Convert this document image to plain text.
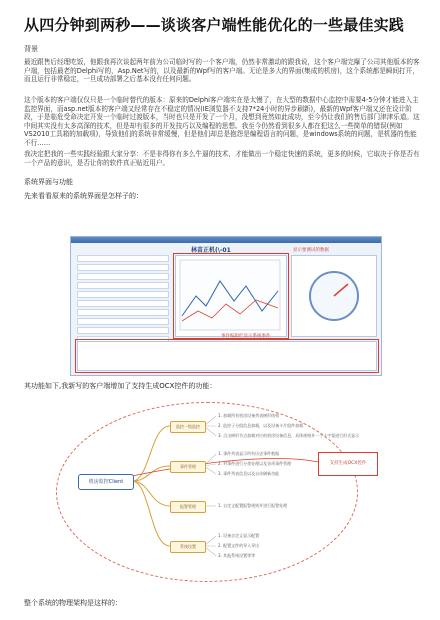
从四分钟到两秒——谈谈客户端性能优化的一些最佳实践
背景
最近跟售后经理吃饭，他跟我再次谈起两年前为公司临时写的一个客户端，仍然非常激动的跟我说，这个客户端完爆了公司其他版本的客户端，包括最老的Delphi写的，Asp.Net写的，以及最新的Wpf写的客户端。无论是多大的界面(集成的机房)，这个系统都是瞬间打开，而且运行非常稳定，一旦成功部署之后基本没有任何问题。
这个版本的客户端仅仅只是一个临时替代的版本：原来的Delphi客户端实在是太慢了，在大型的数据中心监控中需要4-5分钟才能进入主监控界面，而asp.net版本的客户端又经常存在不稳定的情况(IE浏览器不支持7*24小时的异步刷新)，最新的Wpf客户端又还在设计阶段，于是临危受命决定开发一个临时过渡版本，当时也只是开发了一个月，没想到竟然如此成功，至今仍让我们的售后部门津津乐道。这中间其实没有太多高深的技术，但是却有很多的开发技巧以及编程的思想。我至今仍然看到很多人都在犯这么一些简单的错误(例如VS2010工具箱的加载项)，导致他们的系统非常缓慢，但是他们却总是抱怨是编程语言的问题，是windows系统的问题，是机器的性能不行……
我决定把我的一些实践经验跟大家分享：不是非得你有多么牛逼的技术，才能做出一个稳定快速的系统，更多的时候，它取决于你是否有一个产品的意识，是否让你的软件真正贴近用户。
系统界面与功能
先来看看原来的系统界面是怎样子的：
林苗正机(\-01
事件编辑栏显示系统事件
显示要测试的数据
其功能如下,我新写的客户端增加了支持生成OCX控件的功能：
机房监控Client
监控一级监控
事件管理
报警管理
系统设置
1. 加载所有机房设备列表树形结构
2. 监控子分组信息加载，以及设备卡片组件加载
3. 点击树形节点加载对应的机房设备信息，具体规格并一个十字架进行形式显示
1. 事件列表显示所有历史事件数据
2. 对事件进行分类处理以及各项事件管理
3. 事件列表信息以及自动刷新功能
1. 自定义配置报警规则并进行报警处理
1. 设备自定义显示配置
2. 配置文件的导入导出
3. 其他系统设置等等
支持生成OCX控件
整个系统的物理架构是这样的：
